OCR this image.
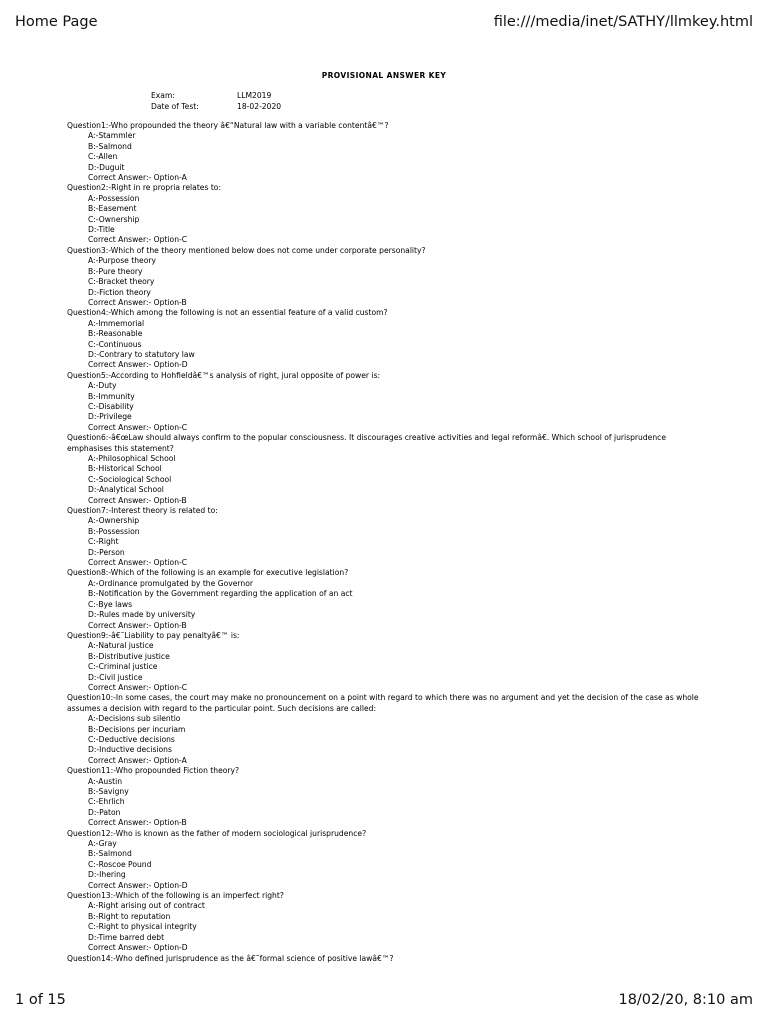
Home Page	file:///media/inet/SATHY/llmkey.html
PROVISIONAL ANSWER KEY
Exam:	LLM2019
Date of Test:	18-02-2020
Question1:-Who propounded the theory â€“Natural law with a variable contentâ€™?
A:-Stammler
B:-Salmond
C:-Allen
D:-Duguit
Correct Answer:- Option-A
Question2:-Right in re propria relates to:
A:-Possession
B:-Easement
C:-Ownership
D:-Title
Correct Answer:- Option-C
Question3:-Which of the theory mentioned below does not come under corporate personality?
A:-Purpose theory
B:-Pure theory
C:-Bracket theory
D:-Fiction theory
Correct Answer:- Option-B
Question4:-Which among the following is not an essential feature of a valid custom?
A:-Immemorial
B:-Reasonable
C:-Continuous
D:-Contrary to statutory law
Correct Answer:- Option-D
Question5:-According to Hohfieldâ€™s analysis of right, jural opposite of power is:
A:-Duty
B:-Immunity
C:-Disability
D:-Privilege
Correct Answer:- Option-C
Question6:-â€œLaw should always confirm to the popular consciousness. It discourages creative activities and legal reformâ€. Which school of jurisprudence emphasises this statement?
A:-Philosophical School
B:-Historical School
C:-Sociological School
D:-Analytical School
Correct Answer:- Option-B
Question7:-Interest theory is related to:
A:-Ownership
B:-Possession
C:-Right
D:-Person
Correct Answer:- Option-C
Question8:-Which of the following is an example for executive legislation?
A:-Ordinance promulgated by the Governor
B:-Notification by the Government regarding the application of an act
C:-Bye laws
D:-Rules made by university
Correct Answer:- Option-B
Question9:-â€˜Liability to pay penaltyâ€™ is:
A:-Natural justice
B:-Distributive justice
C:-Criminal justice
D:-Civil justice
Correct Answer:- Option-C
Question10:-In some cases, the court may make no pronouncement on a point with regard to which there was no argument and yet the decision of the case as whole assumes a decision with regard to the particular point. Such decisions are called:
A:-Decisions sub silentio
B:-Decisions per incuriam
C:-Deductive decisions
D:-Inductive decisions
Correct Answer:- Option-A
Question11:-Who propounded Fiction theory?
A:-Austin
B:-Savigny
C:-Ehrlich
D:-Paton
Correct Answer:- Option-B
Question12:-Who is known as the father of modern sociological jurisprudence?
A:-Gray
B:-Salmond
C:-Roscoe Pound
D:-Ihering
Correct Answer:- Option-D
Question13:-Which of the following is an imperfect right?
A:-Right arising out of contract
B:-Right to reputation
C:-Right to physical integrity
D:-Time barred debt
Correct Answer:- Option-D
Question14:-Who defined jurisprudence as the â€˜formal science of positive lawâ€™?
1 of 15	18/02/20, 8:10 am
